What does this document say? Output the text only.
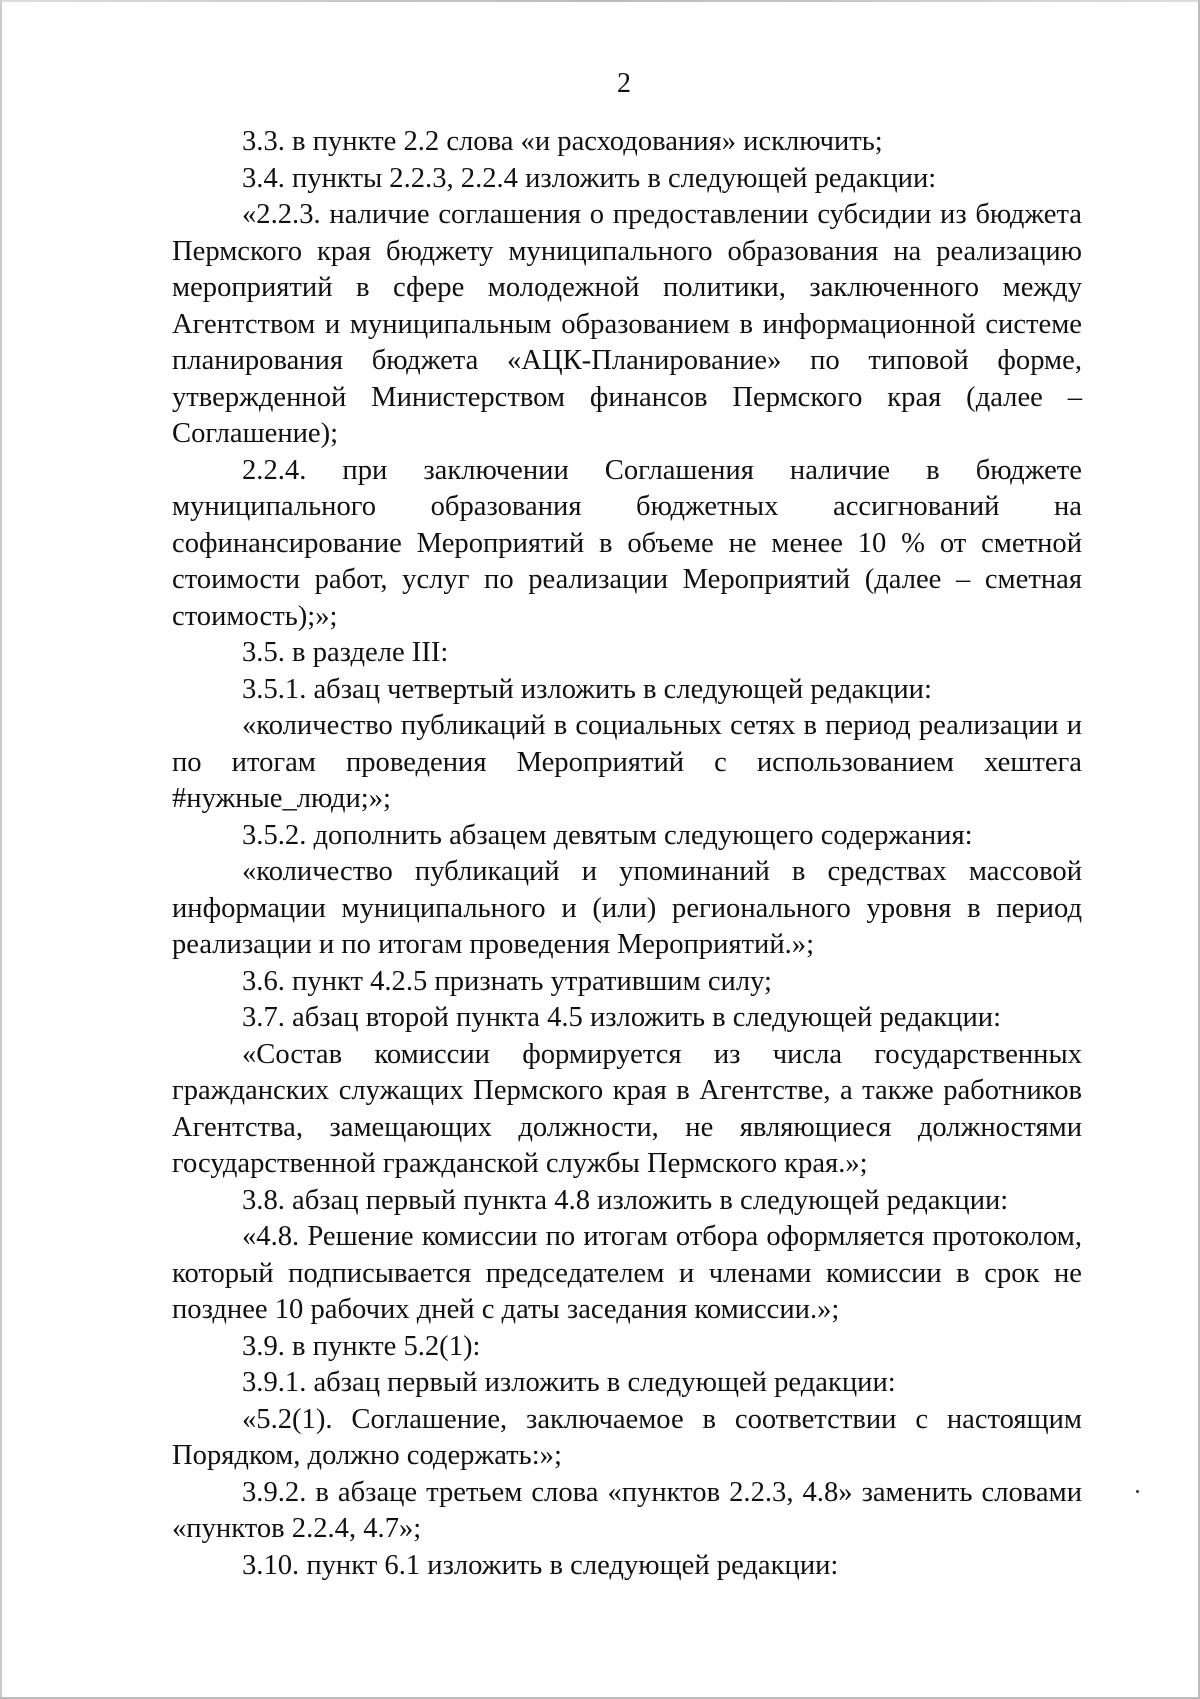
2

3.3. в пункте 2.2 слова «и расходования» исключить;

3.4. пункты 2.2.3, 2.2.4 изложить в следующей редакции:

«2.2.3. наличие соглашения о предоставлении субсидии из бюджета Пермского края бюджету муниципального образования на реализацию мероприятий в сфере молодежной политики, заключенного между Агентством и муниципальным образованием в информационной системе планирования бюджета «АЦК-Планирование» по типовой форме, утвержденной Министерством финансов Пермского края (далее – Соглашение);

2.2.4. при заключении Соглашения наличие в бюджете муниципального образования бюджетных ассигнований на софинансирование Мероприятий в объеме не менее 10 % от сметной стоимости работ, услуг по реализации Мероприятий (далее – сметная стоимость);»;

3.5. в разделе III:

3.5.1. абзац четвертый изложить в следующей редакции:

«количество публикаций в социальных сетях в период реализации и по итогам проведения Мероприятий с использованием хештега #нужные_люди;»;

3.5.2. дополнить абзацем девятым следующего содержания:

«количество публикаций и упоминаний в средствах массовой информации муниципального и (или) регионального уровня в период реализации и по итогам проведения Мероприятий.»;

3.6. пункт 4.2.5 признать утратившим силу;

3.7. абзац второй пункта 4.5 изложить в следующей редакции:

«Состав комиссии формируется из числа государственных гражданских служащих Пермского края в Агентстве, а также работников Агентства, замещающих должности, не являющиеся должностями государственной гражданской службы Пермского края.»;

3.8. абзац первый пункта 4.8 изложить в следующей редакции:

«4.8. Решение комиссии по итогам отбора оформляется протоколом, который подписывается председателем и членами комиссии в срок не позднее 10 рабочих дней с даты заседания комиссии.»;

3.9. в пункте 5.2(1):

3.9.1. абзац первый изложить в следующей редакции:

«5.2(1). Соглашение, заключаемое в соответствии с настоящим Порядком, должно содержать:»;

3.9.2. в абзаце третьем слова «пунктов 2.2.3, 4.8» заменить словами «пунктов 2.2.4, 4.7»;

3.10. пункт 6.1 изложить в следующей редакции:
